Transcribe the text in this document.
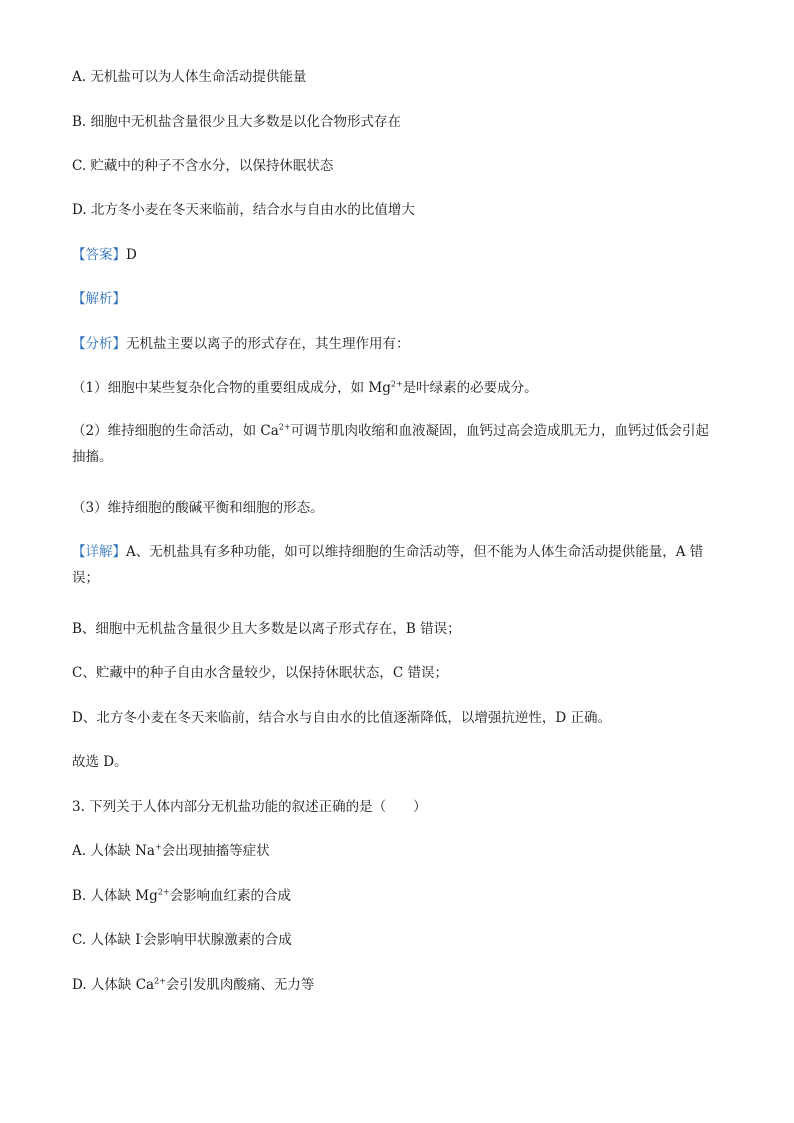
A. 无机盐可以为人体生命活动提供能量
B. 细胞中无机盐含量很少且大多数是以化合物形式存在
C. 贮藏中的种子不含水分，以保持休眠状态
D. 北方冬小麦在冬天来临前，结合水与自由水的比值增大
【答案】D
【解析】
【分析】无机盐主要以离子的形式存在，其生理作用有：
（1）细胞中某些复杂化合物的重要组成成分，如 $Mg^{2+}$是叶绿素的必要成分。
（2）维持细胞的生命活动，如 $Ca^{2+}$可调节肌肉收缩和血液凝固，血钙过高会造成肌无力，血钙过低会引起抽搐。
（3）维持细胞的酸碱平衡和细胞的形态。
【详解】A、无机盐具有多种功能，如可以维持细胞的生命活动等，但不能为人体生命活动提供能量，A 错误；
B、细胞中无机盐含量很少且大多数是以离子形式存在，B 错误；
C、贮藏中的种子自由水含量较少，以保持休眠状态，C 错误；
D、北方冬小麦在冬天来临前，结合水与自由水的比值逐渐降低，以增强抗逆性，D 正确。
故选 D。
3. 下列关于人体内部分无机盐功能的叙述正确的是（　　）
A. 人体缺 Na+会出现抽搐等症状
B. 人体缺 $Mg^{2+}$会影响血红素的合成
C. 人体缺 I-会影响甲状腺激素的合成
D. 人体缺 $Ca^{2+}$会引发肌肉酸痛、无力等
